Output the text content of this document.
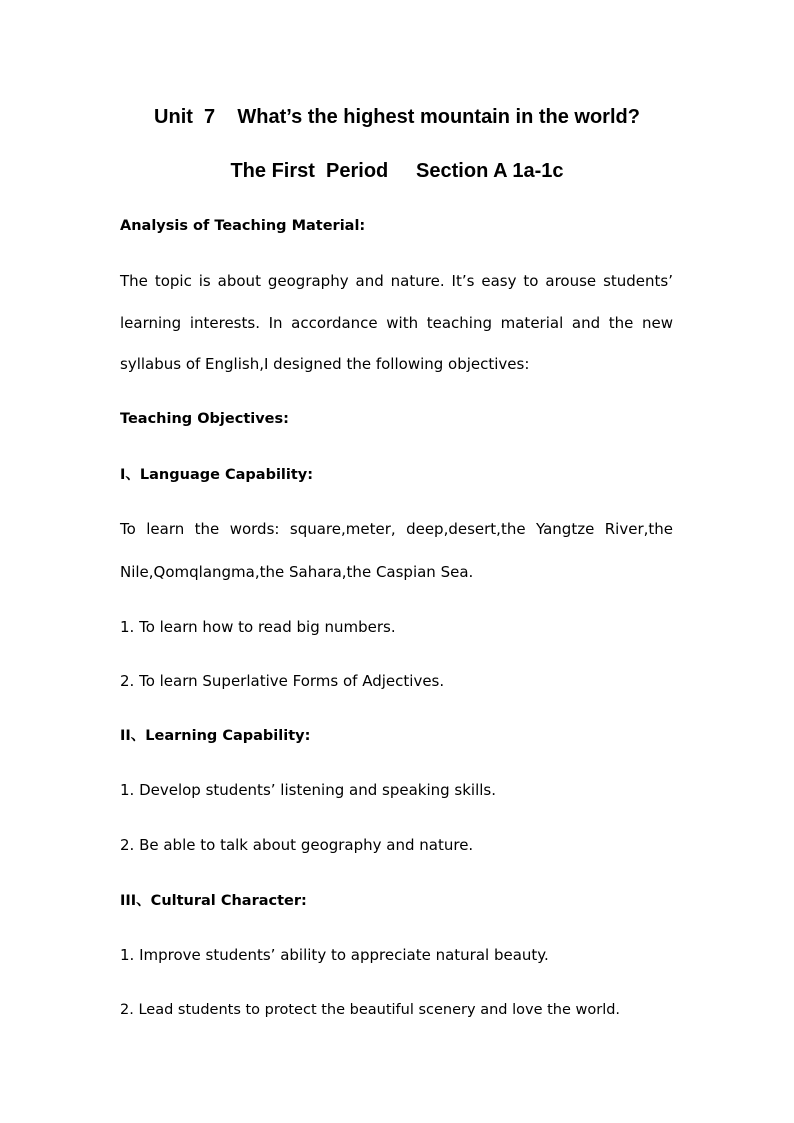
Unit  7    What’s the highest mountain in the world?
The First  Period     Section A 1a-1c
Analysis of Teaching Material:
The topic is about geography and nature. It’s easy to arouse students’
learning interests. In accordance with teaching material and the new
syllabus of English,I designed the following objectives:
Teaching Objectives:
I、Language Capability:
To learn the words: square,meter, deep,desert,the Yangtze River,the
Nile,Qomqlangma,the Sahara,the Caspian Sea.
1. To learn how to read big numbers.
2. To learn Superlative Forms of Adjectives.
II、Learning Capability:
1. Develop students’ listening and speaking skills.
2. Be able to talk about geography and nature.
III、Cultural Character:
1. Improve students’ ability to appreciate natural beauty.
2. Lead students to protect the beautiful scenery and love the world.
